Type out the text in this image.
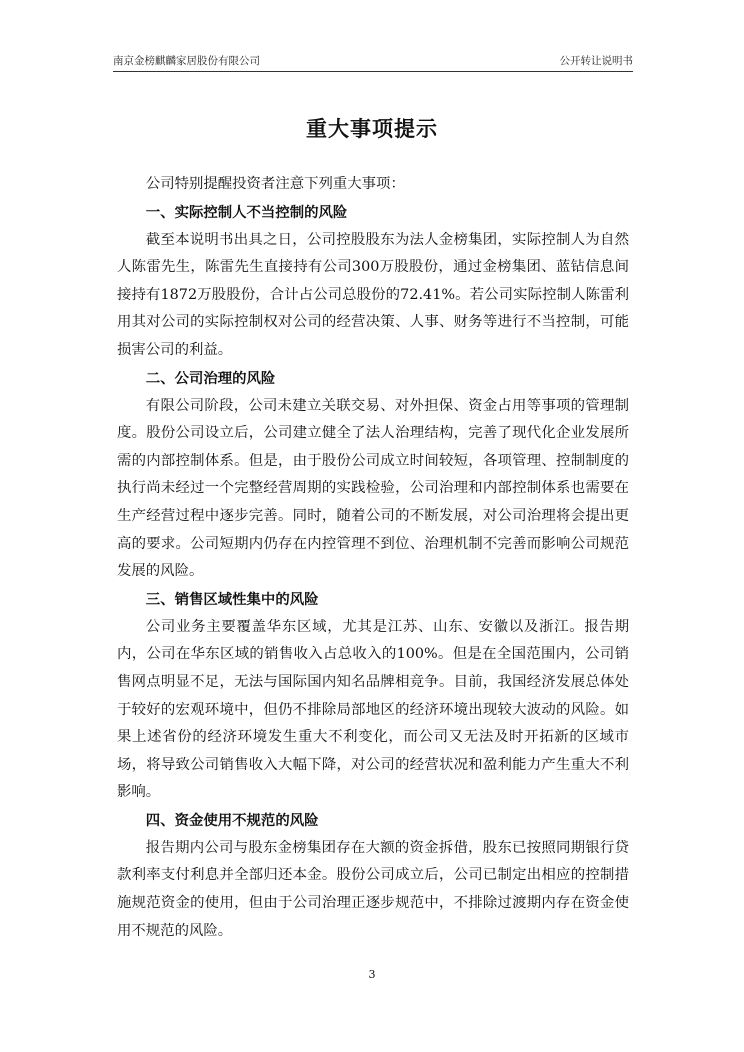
南京金榜麒麟家居股份有限公司	公开转让说明书
重大事项提示

公司特别提醒投资者注意下列重大事项：

一、实际控制人不当控制的风险

截至本说明书出具之日，公司控股股东为法人金榜集团，实际控制人为自然人陈雷先生，陈雷先生直接持有公司300万股股份，通过金榜集团、蓝钻信息间接持有1872万股股份，合计占公司总股份的72.41%。若公司实际控制人陈雷利用其对公司的实际控制权对公司的经营决策、人事、财务等进行不当控制，可能损害公司的利益。

二、公司治理的风险

有限公司阶段，公司未建立关联交易、对外担保、资金占用等事项的管理制度。股份公司设立后，公司建立健全了法人治理结构，完善了现代化企业发展所需的内部控制体系。但是，由于股份公司成立时间较短，各项管理、控制制度的执行尚未经过一个完整经营周期的实践检验，公司治理和内部控制体系也需要在生产经营过程中逐步完善。同时，随着公司的不断发展，对公司治理将会提出更高的要求。公司短期内仍存在内控管理不到位、治理机制不完善而影响公司规范发展的风险。

三、销售区域性集中的风险

公司业务主要覆盖华东区域，尤其是江苏、山东、安徽以及浙江。报告期内，公司在华东区域的销售收入占总收入的100%。但是在全国范围内，公司销售网点明显不足，无法与国际国内知名品牌相竞争。目前，我国经济发展总体处于较好的宏观环境中，但仍不排除局部地区的经济环境出现较大波动的风险。如果上述省份的经济环境发生重大不利变化，而公司又无法及时开拓新的区域市场，将导致公司销售收入大幅下降，对公司的经营状况和盈利能力产生重大不利影响。

四、资金使用不规范的风险

报告期内公司与股东金榜集团存在大额的资金拆借，股东已按照同期银行贷款利率支付利息并全部归还本金。股份公司成立后，公司已制定出相应的控制措施规范资金的使用，但由于公司治理正逐步规范中，不排除过渡期内存在资金使用不规范的风险。

3
